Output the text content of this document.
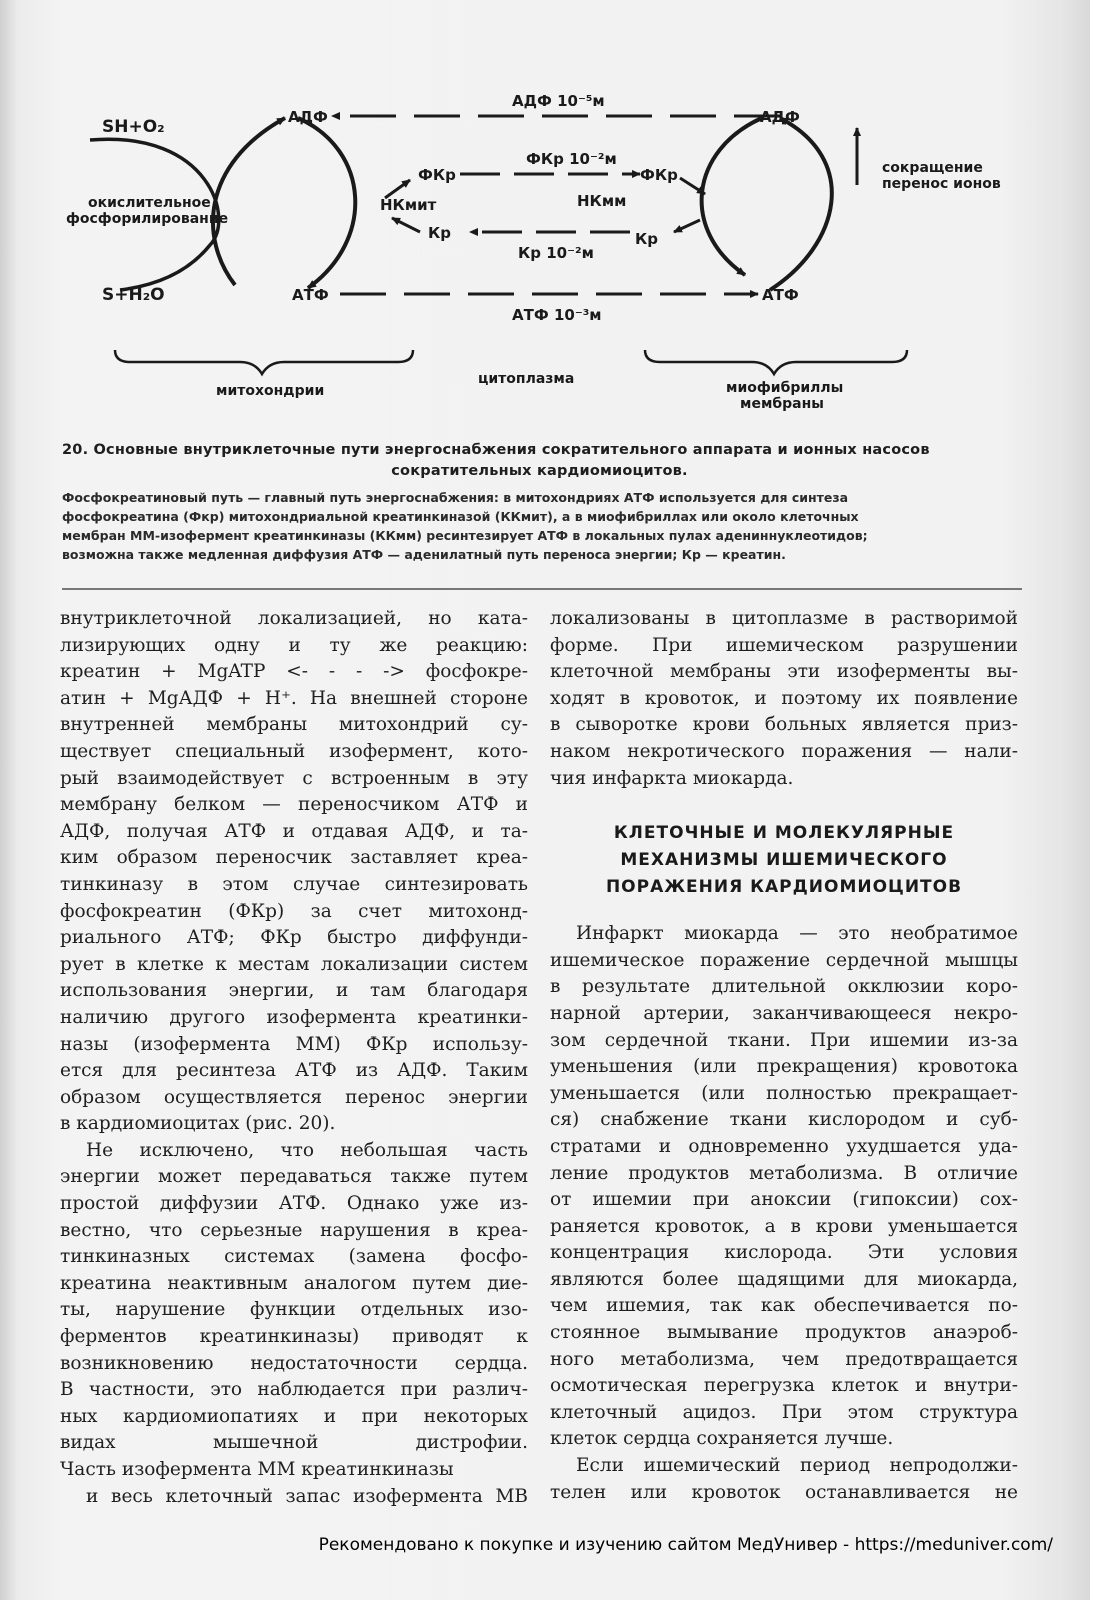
SH+O₂
S+H₂O
АДФ
АТФ
окислительное
фосфорилирование
НКмит
ФКр
Кр
АДФ 10⁻⁵м
ФКр 10⁻²м
НКмм
Кр 10⁻²м
АТФ 10⁻³м
ФКр
Кр
АДФ
АТФ
сокращение
перенос ионов
митохондрии
цитоплазма
миофибриллы
мембраны
20. Основные внутриклеточные пути энергоснабжения сократительного аппарата и ионных насосов
сократительных кардиомиоцитов.
Фосфокреатиновый путь — главный путь энергоснабжения: в митохондриях АТФ используется для синтеза
фосфокреатина (Фкр) митохондриальной креатинкиназой (ККмит), а в миофибриллах или около клеточных
мембран ММ-изофермент креатинкиназы (ККмм) ресинтезирует АТФ в локальных пулах адениннуклеотидов;
возможна также медленная диффузия АТФ — аденилатный путь переноса энергии; Кр — креатин.
внутриклеточной локализацией, но ката-
лизирующих одну и ту же реакцию:
креатин + MgATP <- - - -> фосфокре-
атин + MgАДФ + H⁺. На внешней стороне
внутренней мембраны митохондрий су-
ществует специальный изофермент, кото-
рый взаимодействует с встроенным в эту
мембрану белком — переносчиком АТФ и
АДФ, получая АТФ и отдавая АДФ, и та-
ким образом переносчик заставляет креа-
тинкиназу в этом случае синтезировать
фосфокреатин (ФКр) за счет митохонд-
риального АТФ; ФКр быстро диффунди-
рует в клетке к местам локализации систем
использования энергии, и там благодаря
наличию другого изофермента креатинки-
назы (изофермента ММ) ФКр использу-
ется для ресинтеза АТФ из АДФ. Таким
образом осуществляется перенос энергии
в кардиомиоцитах (рис. 20).
Не исключено, что небольшая часть
энергии может передаваться также путем
простой диффузии АТФ. Однако уже из-
вестно, что серьезные нарушения в креа-
тинкиназных системах (замена фосфо-
креатина неактивным аналогом путем дие-
ты, нарушение функции отдельных изо-
ферментов креатинкиназы) приводят к
возникновению недостаточности сердца.
В частности, это наблюдается при различ-
ных кардиомиопатиях и при некоторых
видах мышечной дистрофии.
Часть изофермента ММ креатинкиназы
и весь клеточный запас изофермента МВ
локализованы в цитоплазме в растворимой
форме. При ишемическом разрушении
клеточной мембраны эти изоферменты вы-
ходят в кровоток, и поэтому их появление
в сыворотке крови больных является приз-
наком некротического поражения — нали-
чия инфаркта миокарда.
КЛЕТОЧНЫЕ И МОЛЕКУЛЯРНЫЕ
МЕХАНИЗМЫ ИШЕМИЧЕСКОГО
ПОРАЖЕНИЯ КАРДИОМИОЦИТОВ
Инфаркт миокарда — это необратимое
ишемическое поражение сердечной мышцы
в результате длительной окклюзии коро-
нарной артерии, заканчивающееся некро-
зом сердечной ткани. При ишемии из-за
уменьшения (или прекращения) кровотока
уменьшается (или полностью прекращает-
ся) снабжение ткани кислородом и суб-
стратами и одновременно ухудшается уда-
ление продуктов метаболизма. В отличие
от ишемии при аноксии (гипоксии) сох-
раняется кровоток, а в крови уменьшается
концентрация кислорода. Эти условия
являются более щадящими для миокарда,
чем ишемия, так как обеспечивается по-
стоянное вымывание продуктов анаэроб-
ного метаболизма, чем предотвращается
осмотическая перегрузка клеток и внутри-
клеточный ацидоз. При этом структура
клеток сердца сохраняется лучше.
Если ишемический период непродолжи-
телен или кровоток останавливается не
Рекомендовано к покупке и изучению сайтом МедУнивер - https://meduniver.com/
